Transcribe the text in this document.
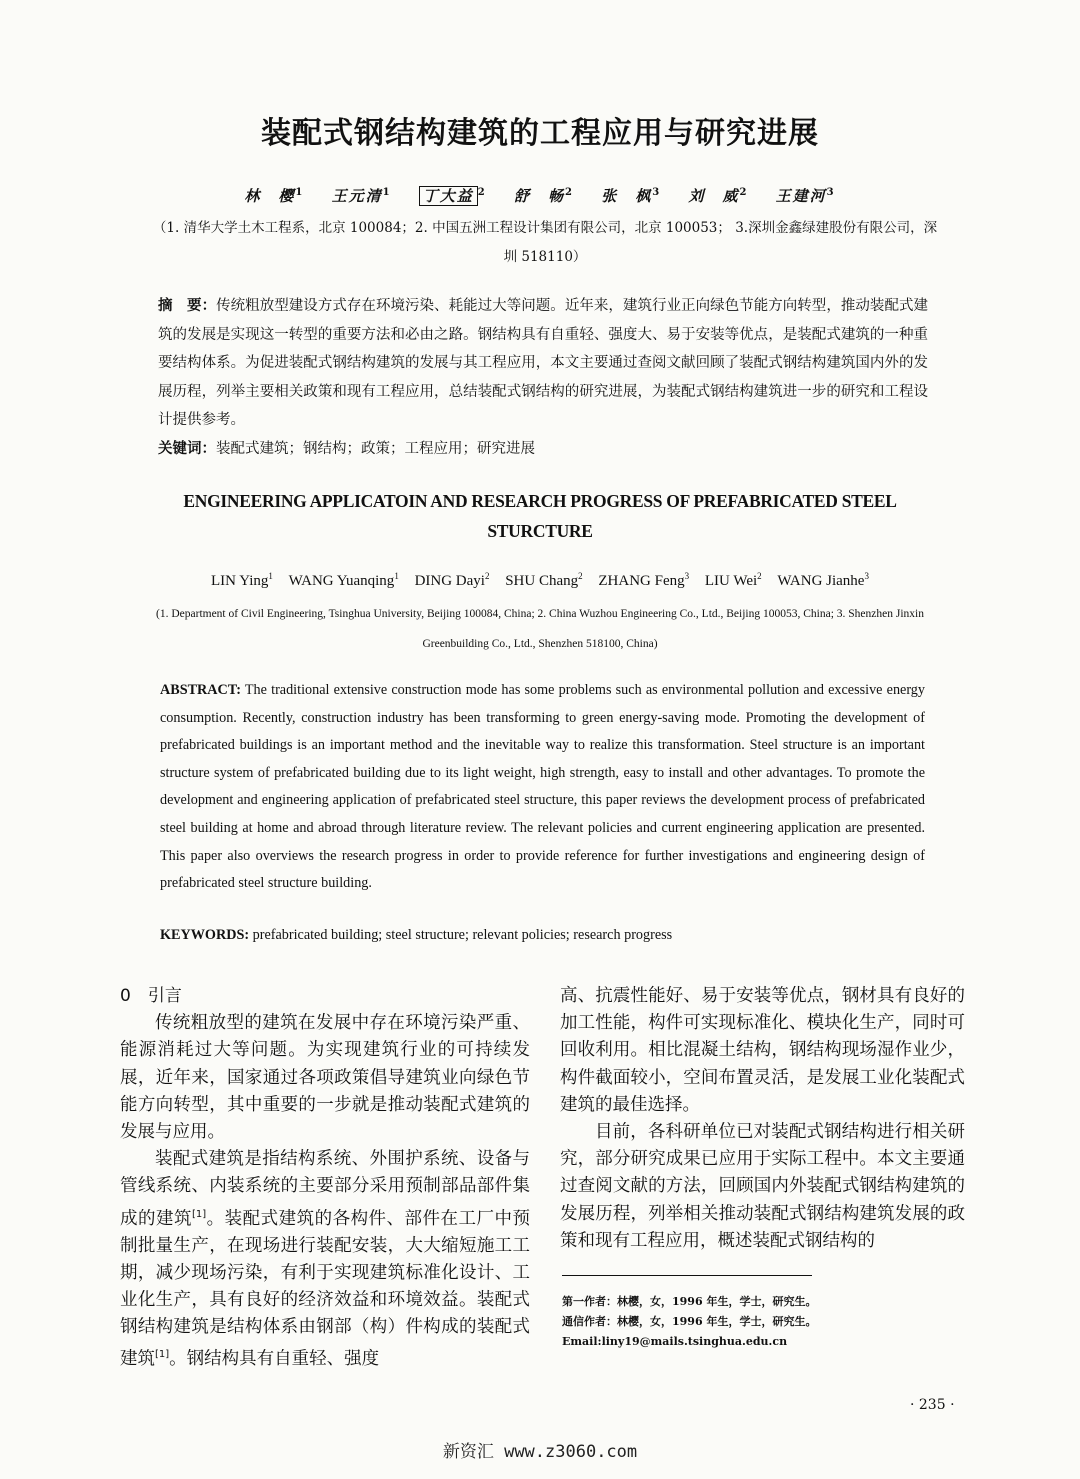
装配式钢结构建筑的工程应用与研究进展
林　樱$^1$ 王元清$^1$ 丁大益 $^2$ 舒　畅$^2$ 张　枫$^3$ 刘　威$^2$ 王建河$^3$
（1. 清华大学土木工程系，北京 100084；2. 中国五洲工程设计集团有限公司，北京 100053； 3.深圳金鑫绿建股份有限公司，深圳 518110）
摘　要：传统粗放型建设方式存在环境污染、耗能过大等问题。近年来，建筑行业正向绿色节能方向转型，推动装配式建筑的发展是实现这一转型的重要方法和必由之路。钢结构具有自重轻、强度大、易于安装等优点，是装配式建筑的一种重要结构体系。为促进装配式钢结构建筑的发展与其工程应用，本文主要通过查阅文献回顾了装配式钢结构建筑国内外的发展历程，列举主要相关政策和现有工程应用，总结装配式钢结构的研究进展，为装配式钢结构建筑进一步的研究和工程设计提供参考。
关键词：装配式建筑；钢结构；政策；工程应用；研究进展
ENGINEERING APPLICATOIN AND RESEARCH PROGRESS OF PREFABRICATED STEEL STURCTURE
LIN Ying$^1$ WANG Yuanqing$^1$ DING Dayi$^2$ SHU Chang$^2$ ZHANG Feng$^3$ LIU Wei$^2$ WANG Jianhe$^3$
(1. Department of Civil Engineering, Tsinghua University, Beijing 100084, China; 2. China Wuzhou Engineering Co., Ltd., Beijing 100053, China; 3. Shenzhen Jinxin Greenbuilding Co., Ltd., Shenzhen 518100, China)
ABSTRACT: The traditional extensive construction mode has some problems such as environmental pollution and excessive energy consumption. Recently, construction industry has been transforming to green energy-saving mode. Promoting the development of prefabricated buildings is an important method and the inevitable way to realize this transformation. Steel structure is an important structure system of prefabricated building due to its light weight, high strength, easy to install and other advantages. To promote the development and engineering application of prefabricated steel structure, this paper reviews the development process of prefabricated steel building at home and abroad through literature review. The relevant policies and current engineering application are presented. This paper also overviews the research progress in order to provide reference for further investigations and engineering design of prefabricated steel structure building.
KEYWORDS: prefabricated building; steel structure; relevant policies; research progress

0　引言

传统粗放型的建筑在发展中存在环境污染严重、能源消耗过大等问题。为实现建筑行业的可持续发展，近年来，国家通过各项政策倡导建筑业向绿色节能方向转型，其中重要的一步就是推动装配式建筑的发展与应用。

装配式建筑是指结构系统、外围护系统、设备与管线系统、内装系统的主要部分采用预制部品部件集成的建筑[1]。装配式建筑的各构件、部件在工厂中预制批量生产，在现场进行装配安装，大大缩短施工工期，减少现场污染，有利于实现建筑标准化设计、工业化生产，具有良好的经济效益和环境效益。装配式钢结构建筑是结构体系由钢部（构）件构成的装配式建筑[1]。钢结构具有自重轻、强度

高、抗震性能好、易于安装等优点，钢材具有良好的加工性能，构件可实现标准化、模块化生产，同时可回收利用。相比混凝土结构，钢结构现场湿作业少，构件截面较小，空间布置灵活，是发展工业化装配式建筑的最佳选择。

目前，各科研单位已对装配式钢结构进行相关研究，部分研究成果已应用于实际工程中。本文主要通过查阅文献的方法，回顾国内外装配式钢结构建筑的发展历程，列举相关推动装配式钢结构建筑发展的政策和现有工程应用，概述装配式钢结构的

第一作者：林樱，女，1996 年生，学士，研究生。
通信作者：林樱，女，1996 年生，学士，研究生。
Email:liny19@mails.tsinghua.edu.cn
· 235 ·
新资汇 www.z3060.com
